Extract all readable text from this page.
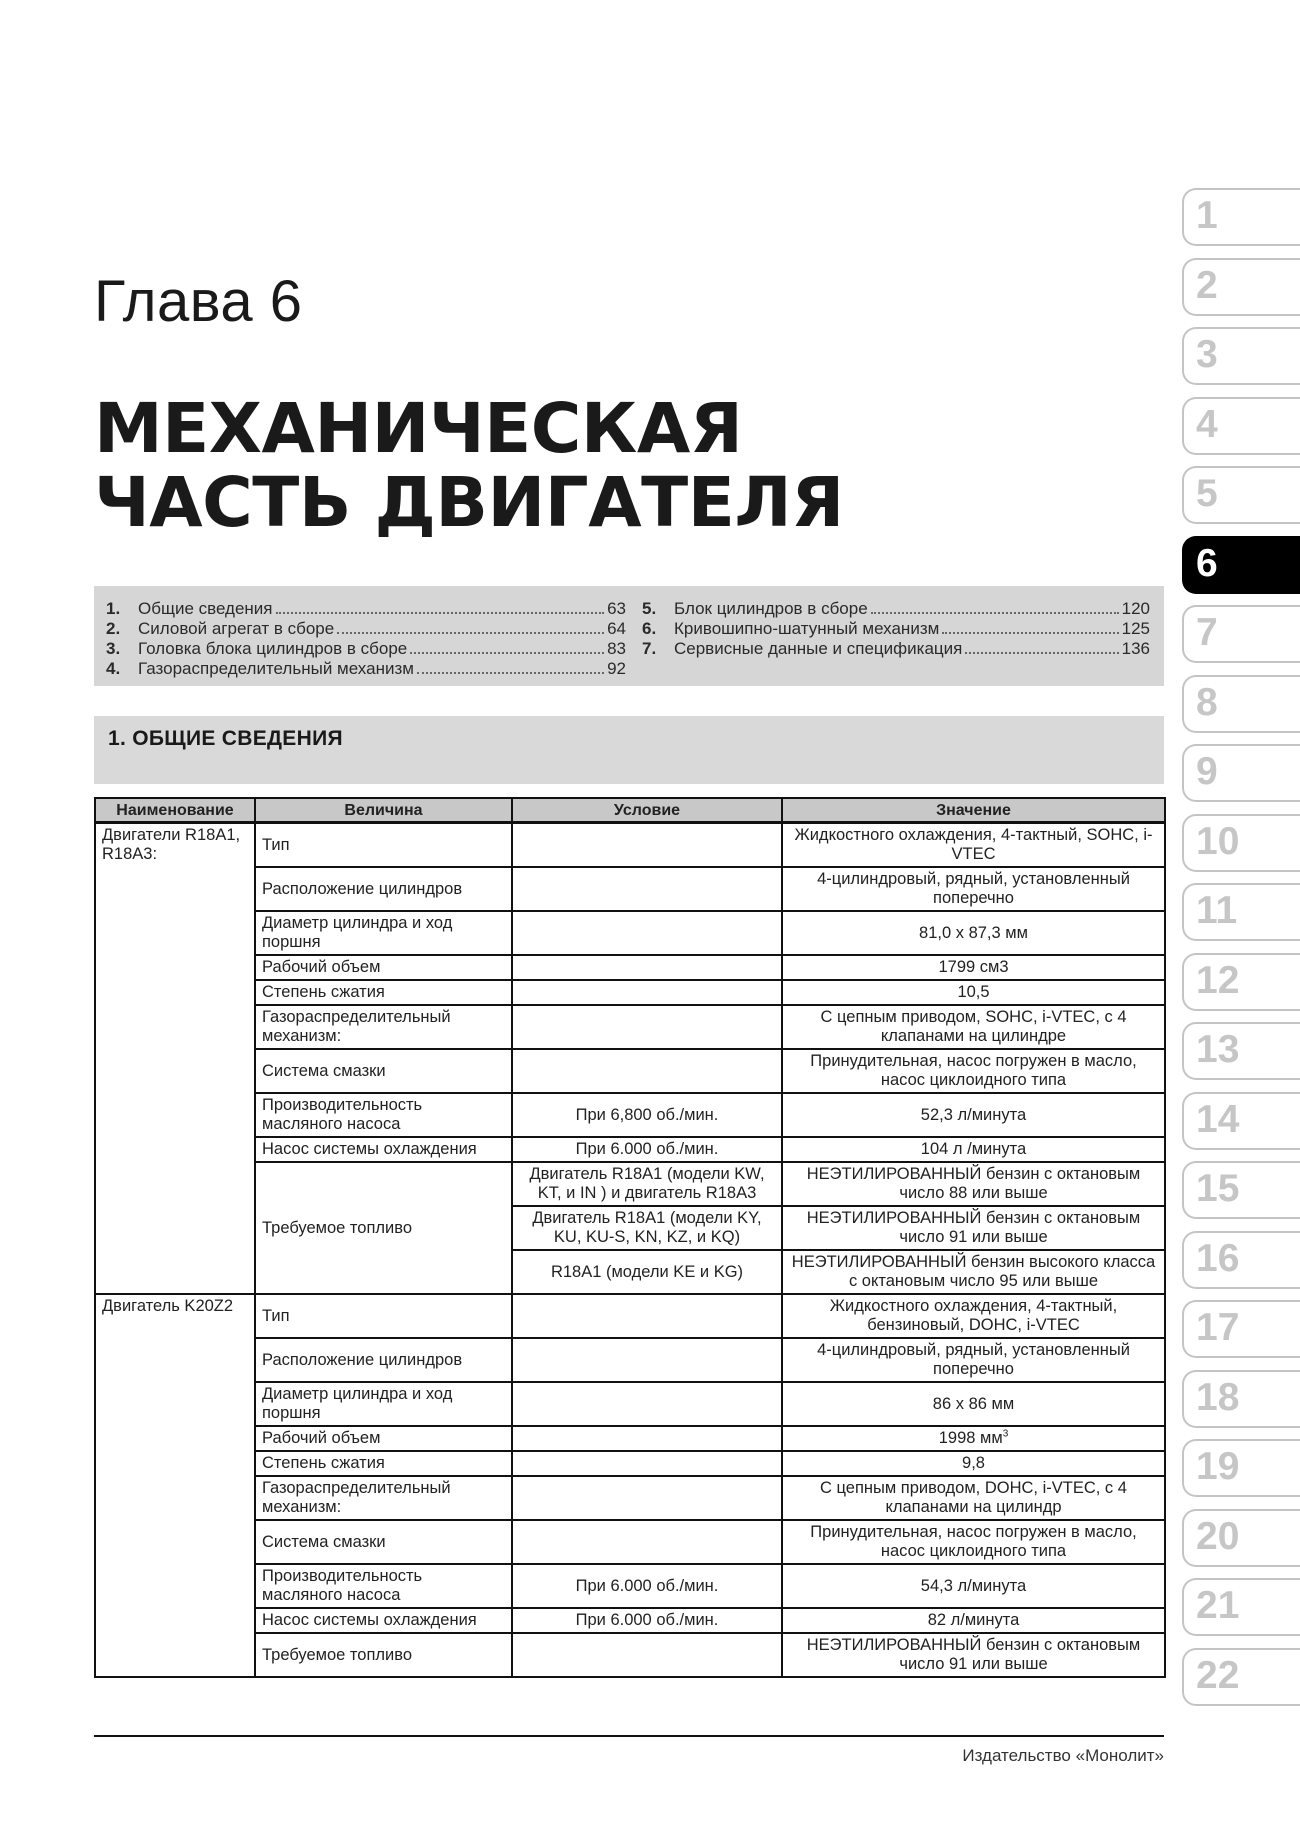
Глава 6
МЕХАНИЧЕСКАЯ
ЧАСТЬ ДВИГАТЕЛЯ
1.	Общие сведения	63
2.	Силовой агрегат в сборе	64
3.	Головка блока цилиндров в сборе	83
4.	Газораспределительный механизм	92
5.	Блок цилиндров в сборе	120
6.	Кривошипно-шатунный механизм	125
7.	Сервисные данные и спецификация	136
1. ОБЩИЕ СВЕДЕНИЯ
Наименование	Величина	Условие	Значение
Двигатели R18A1, R18A3:	Тип		Жидкостного охлаждения, 4-тактный, SOHC, i-VTEC
	Расположение цилиндров		4-цилиндровый, рядный, установленный поперечно
	Диаметр цилиндра и ход поршня		81,0 x 87,3 мм
	Рабочий объем		1799 см3
	Степень сжатия		10,5
	Газораспределительный механизм:		С цепным приводом, SOHC, i-VTEC, с 4 клапанами на цилиндре
	Система смазки		Принудительная, насос погружен в масло, насос циклоидного типа
	Производительность масляного насоса	При 6,800 об./мин.	52,3 л/минута
	Насос системы охлаждения	При 6.000 об./мин.	104 л /минута
	Требуемое топливо	Двигатель R18A1 (модели KW, KT, и IN ) и двигатель R18A3	НЕЭТИЛИРОВАННЫЙ бензин с октановым число 88 или выше
		Двигатель R18A1 (модели KY, KU, KU-S, KN, KZ, и KQ)	НЕЭТИЛИРОВАННЫЙ бензин с октановым число 91 или выше
		R18A1 (модели KE и KG)	НЕЭТИЛИРОВАННЫЙ бензин высокого класса с октановым число 95 или выше
Двигатель K20Z2	Тип		Жидкостного охлаждения, 4-тактный, бензиновый, DOHC, i-VTEC
	Расположение цилиндров		4-цилиндровый, рядный, установленный поперечно
	Диаметр цилиндра и ход поршня		86 х 86 мм
	Рабочий объем		1998 $мм^3$
	Степень сжатия		9,8
	Газораспределительный механизм:		С цепным приводом, DOHC, i-VTEC, с 4 клапанами на цилиндр
	Система смазки		Принудительная, насос погружен в масло, насос циклоидного типа
	Производительность масляного насоса	При 6.000 об./мин.	54,3 л/минута
	Насос системы охлаждения	При 6.000 об./мин.	82 л/минута
	Требуемое топливо		НЕЭТИЛИРОВАННЫЙ бензин с октановым число 91 или выше
Издательство «Монолит»
1
2
3
4
5
6
7
8
9
10
11
12
13
14
15
16
17
18
19
20
21
22
